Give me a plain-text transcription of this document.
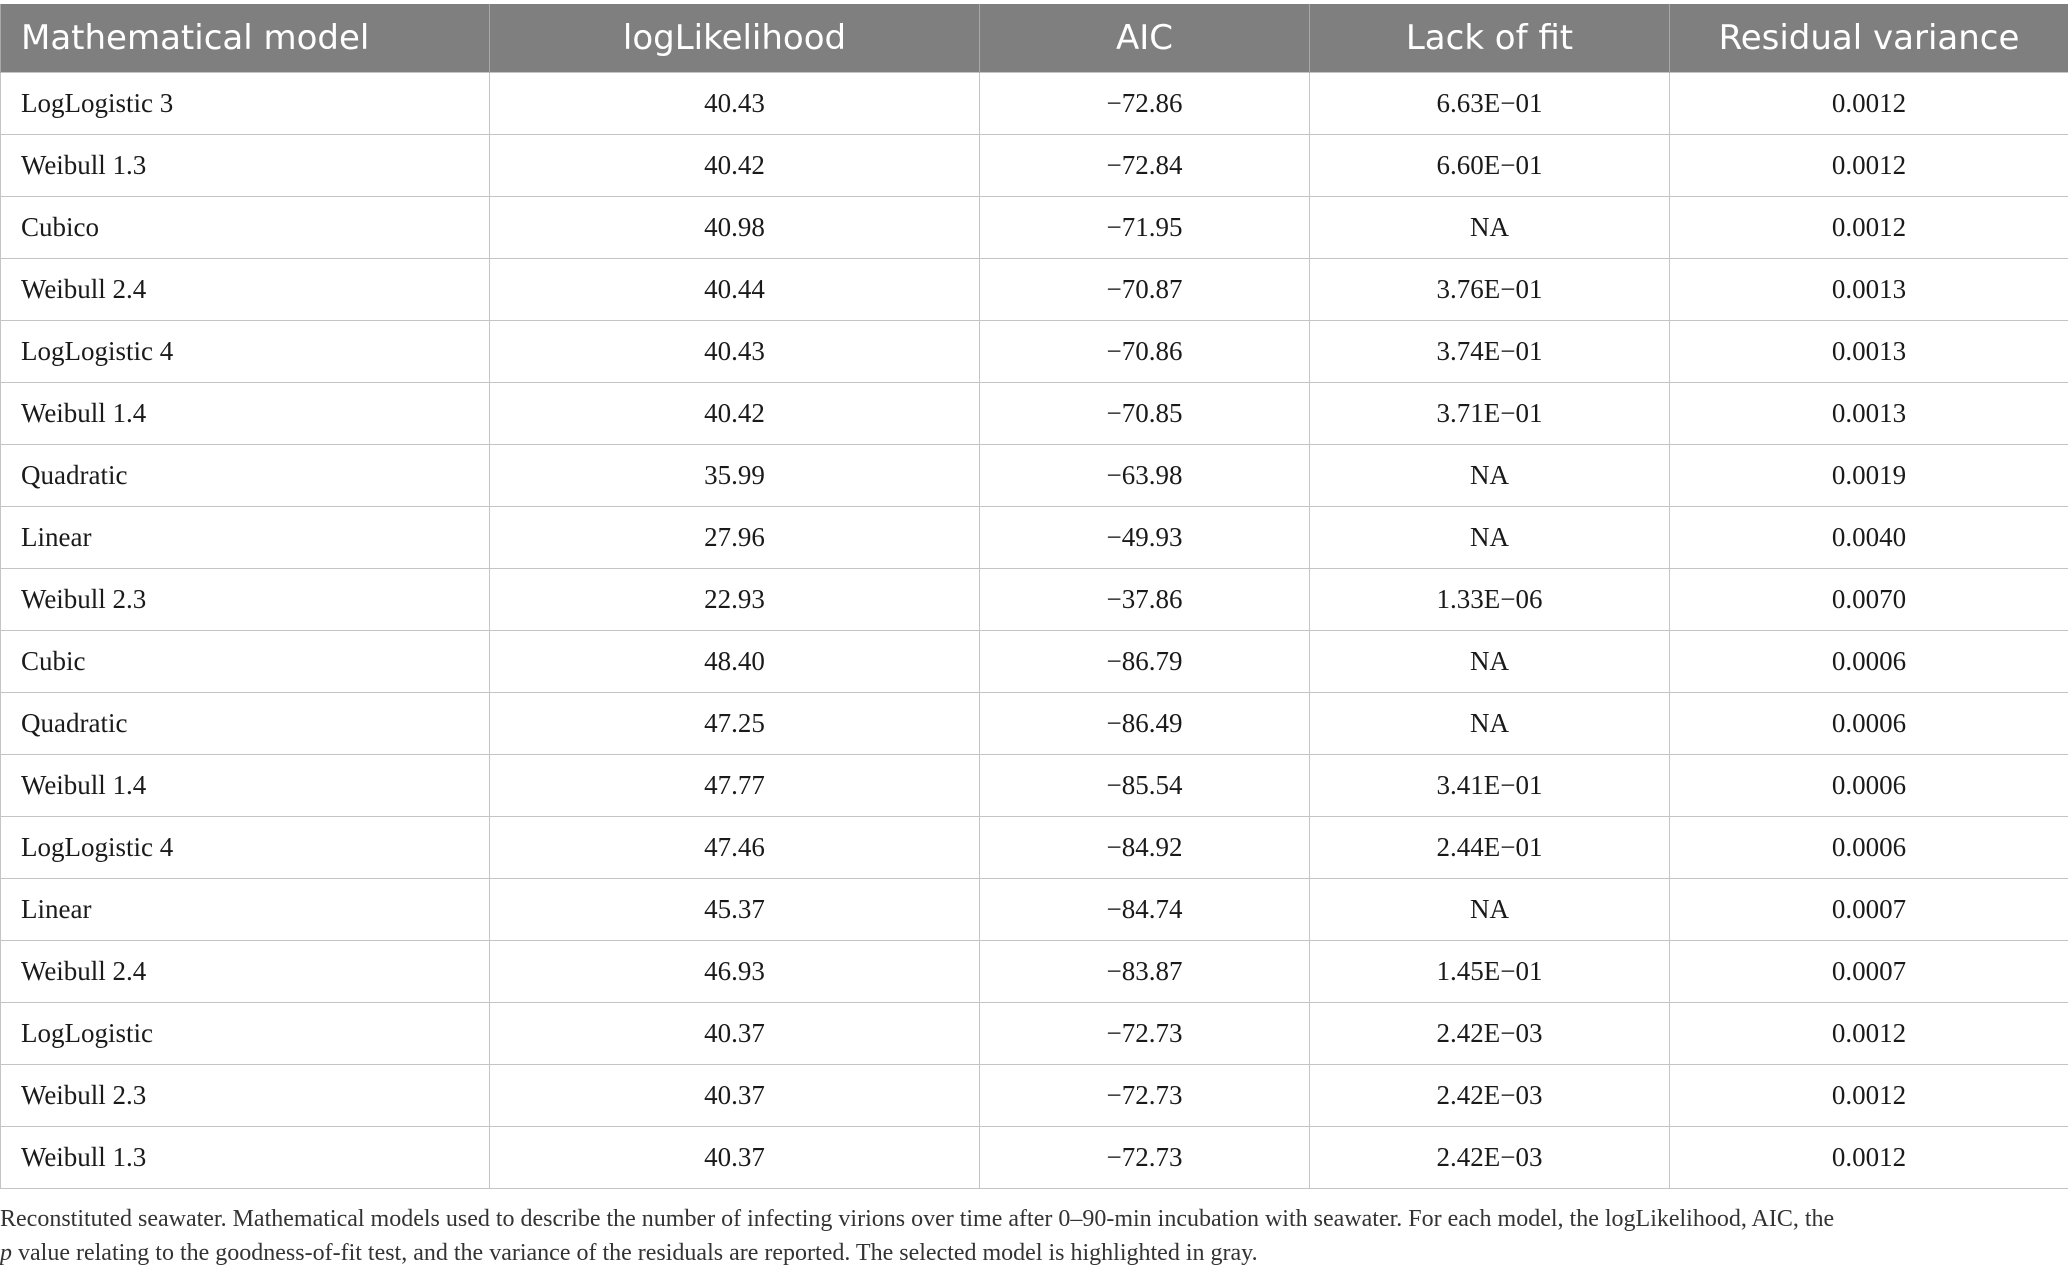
Mathematical model	logLikelihood	AIC	Lack of fit	Residual variance
LogLogistic 3	40.43	−72.86	6.63E−01	0.0012
Weibull 1.3	40.42	−72.84	6.60E−01	0.0012
Cubico	40.98	−71.95	NA	0.0012
Weibull 2.4	40.44	−70.87	3.76E−01	0.0013
LogLogistic 4	40.43	−70.86	3.74E−01	0.0013
Weibull 1.4	40.42	−70.85	3.71E−01	0.0013
Quadratic	35.99	−63.98	NA	0.0019
Linear	27.96	−49.93	NA	0.0040
Weibull 2.3	22.93	−37.86	1.33E−06	0.0070
Cubic	48.40	−86.79	NA	0.0006
Quadratic	47.25	−86.49	NA	0.0006
Weibull 1.4	47.77	−85.54	3.41E−01	0.0006
LogLogistic 4	47.46	−84.92	2.44E−01	0.0006
Linear	45.37	−84.74	NA	0.0007
Weibull 2.4	46.93	−83.87	1.45E−01	0.0007
LogLogistic	40.37	−72.73	2.42E−03	0.0012
Weibull 2.3	40.37	−72.73	2.42E−03	0.0012
Weibull 1.3	40.37	−72.73	2.42E−03	0.0012
Reconstituted seawater. Mathematical models used to describe the number of infecting virions over time after 0–90-min incubation with seawater. For each model, the logLikelihood, AIC, the
p value relating to the goodness-of-fit test, and the variance of the residuals are reported. The selected model is highlighted in gray.
